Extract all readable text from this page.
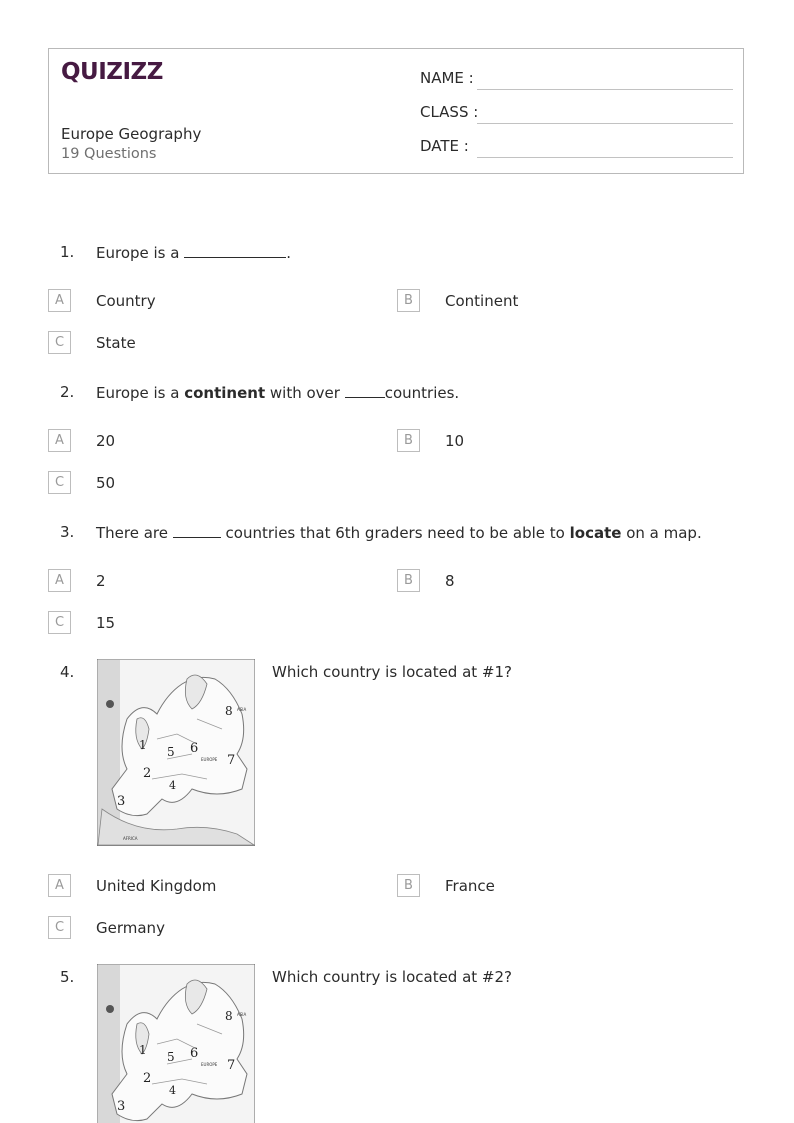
QUIZIZZ
Europe Geography
19 Questions
NAME :
CLASS :
DATE :
1. Europe is a	.
A	Country	B	Continent
C	State
2. Europe is a continent with over	countries.
A	20	B	10
C	50
3. There are	countries that 6th graders need to be able to locate on a map.
A	2	B	8
C	15
4.
1
2
3
4
5 6
7
8
AFRICA
ASIA
EUROPE
Which country is located at #1?
A	United Kingdom	B	France
C	Germany
5.
1
2
3
4
5 6
7
8 ASIA
EUROPE
Which country is located at #2?
